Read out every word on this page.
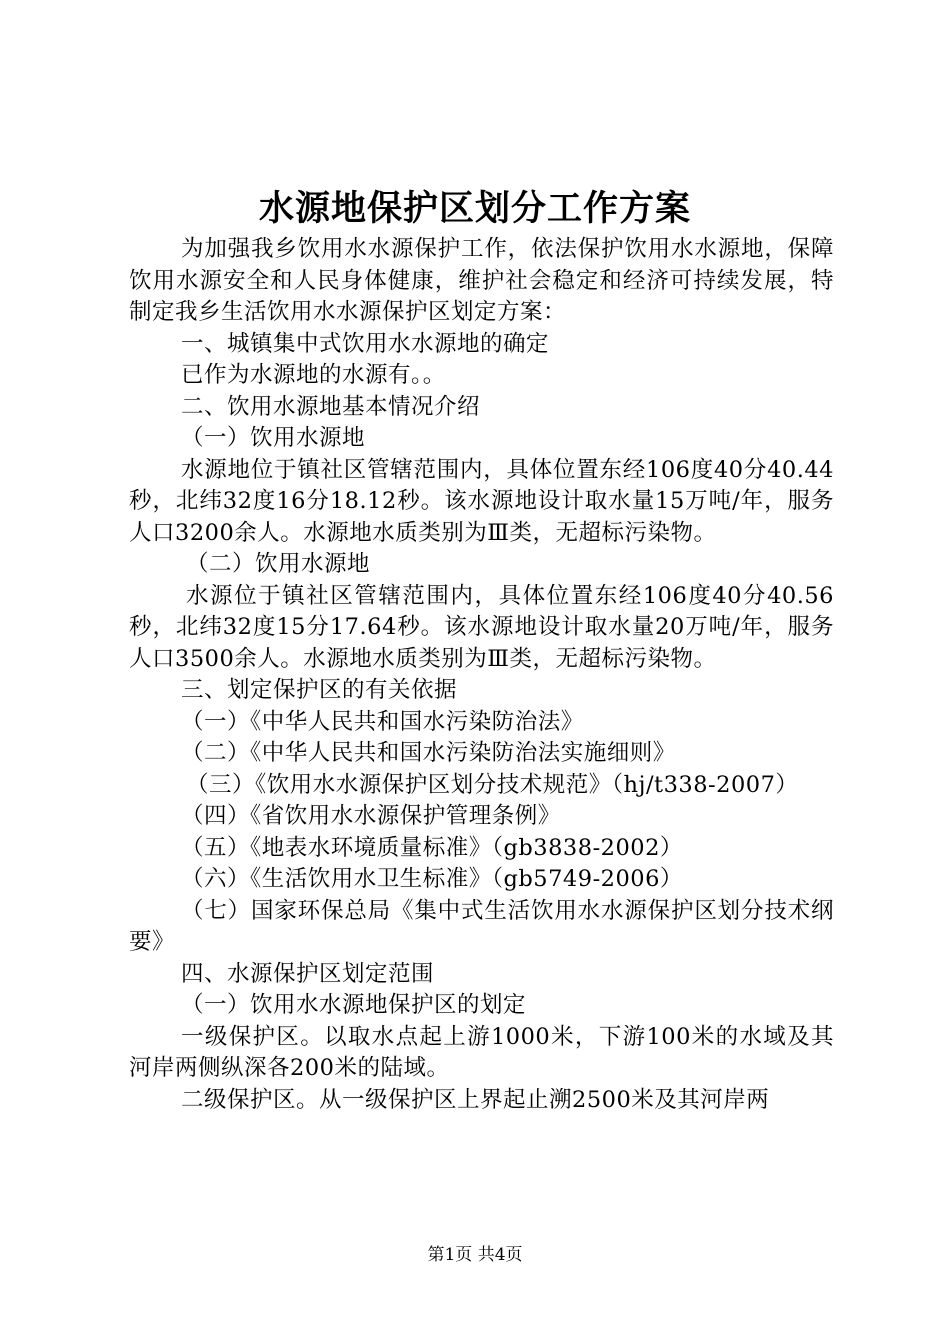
水源地保护区划分工作方案

为加强我乡饮用水水源保护工作，依法保护饮用水水源地，保障饮用水源安全和人民身体健康，维护社会稳定和经济可持续发展，特制定我乡生活饮用水水源保护区划定方案：

一、城镇集中式饮用水水源地的确定

已作为水源地的水源有。。

二、饮用水源地基本情况介绍

（一）饮用水源地

水源地位于镇社区管辖范围内，具体位置东经106度40分40.44秒，北纬32度16分18.12秒。该水源地设计取水量15万吨/年，服务人口3200余人。水源地水质类别为Ⅲ类，无超标污染物。

（二）饮用水源地

水源位于镇社区管辖范围内，具体位置东经106度40分40.56秒，北纬32度15分17.64秒。该水源地设计取水量20万吨/年，服务人口3500余人。水源地水质类别为Ⅲ类，无超标污染物。

三、划定保护区的有关依据

（一）《中华人民共和国水污染防治法》

（二）《中华人民共和国水污染防治法实施细则》

（三）《饮用水水源保护区划分技术规范》（hj/t338-2007）

（四）《省饮用水水源保护管理条例》

（五）《地表水环境质量标准》（gb3838-2002）

（六）《生活饮用水卫生标准》（gb5749-2006）

（七）国家环保总局《集中式生活饮用水水源保护区划分技术纲要》

四、水源保护区划定范围

（一）饮用水水源地保护区的划定

一级保护区。以取水点起上游1000米，下游100米的水域及其河岸两侧纵深各200米的陆域。

二级保护区。从一级保护区上界起止溯2500米及其河岸两

第1页 共4页
